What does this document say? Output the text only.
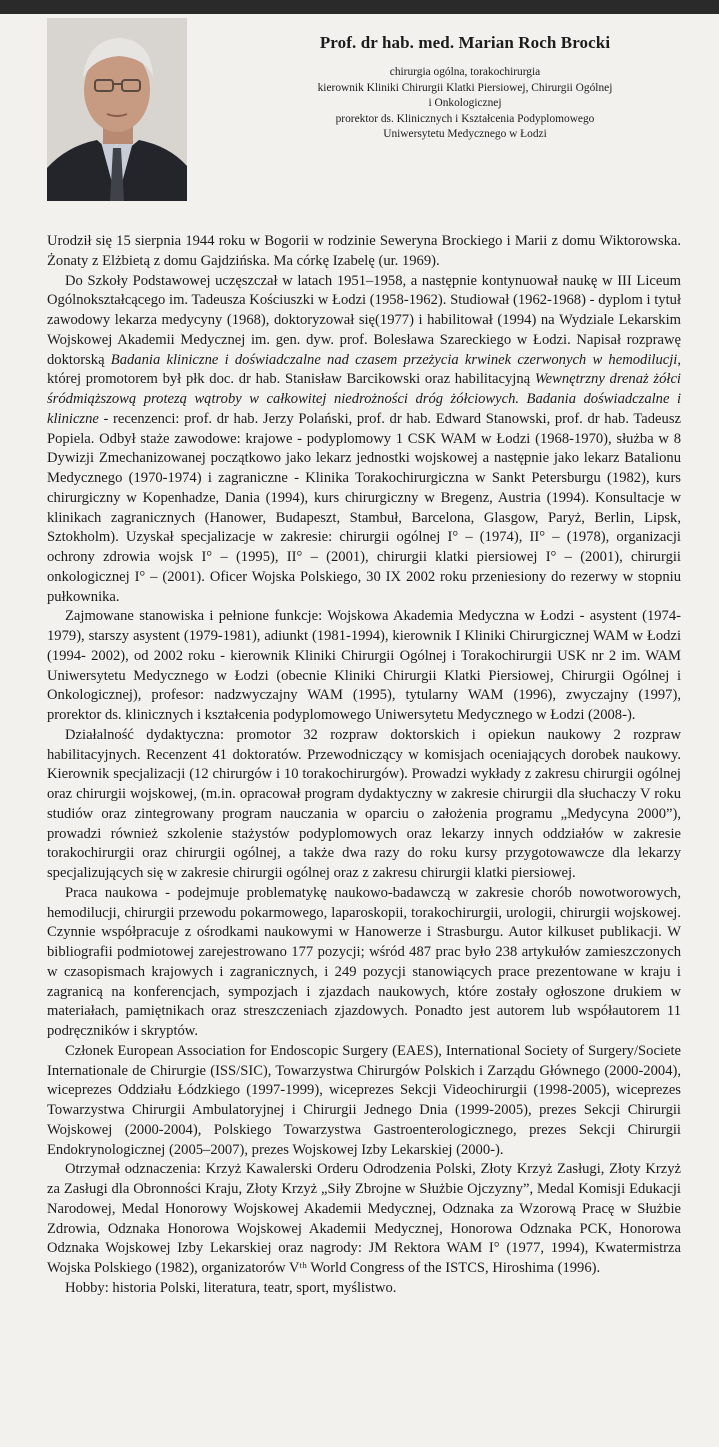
Prof. dr hab. med. Marian Roch Brocki

chirurgia ogólna, torakochirurgia

kierownik Kliniki Chirurgii Klatki Piersiowej, Chirurgii Ogólnej

i Onkologicznej

prorektor ds. Klinicznych i Kształcenia Podyplomowego

Uniwersytetu Medycznego w Łodzi

Urodził się 15 sierpnia 1944 roku w Bogorii w rodzinie Seweryna Brockiego i Marii z domu Wiktorowska. Żonaty z Elżbietą z domu Gajdzińska. Ma córkę Izabelę (ur. 1969).

Do Szkoły Podstawowej uczęszczał w latach 1951–1958, a następnie kontynuował naukę w III Liceum Ogólnokształcącego im. Tadeusza Kościuszki w Łodzi (1958-1962). Studiował (1962-1968) - dyplom i tytuł zawodowy lekarza medycyny (1968), doktoryzował się(1977) i habilitował (1994) na Wydziale Lekarskim Wojskowej Akademii Medycznej im. gen. dyw. prof. Bolesława Szareckiego w Łodzi. Napisał rozprawę doktorską Badania kliniczne i doświadczalne nad czasem przeżycia krwinek czerwonych w hemodilucji, której promotorem był płk doc. dr hab. Stanisław Barcikowski oraz habilitacyjną Wewnętrzny drenaż żółci śródmiąższową protezą wątroby w całkowitej niedrożności dróg żółciowych. Badania doświadczalne i kliniczne - recenzenci: prof. dr hab. Jerzy Polański, prof. dr hab. Edward Stanowski, prof. dr hab. Tadeusz Popiela. Odbył staże zawodowe: krajowe - podyplomowy 1 CSK WAM w Łodzi (1968-1970), służba w 8 Dywizji Zmechanizowanej początkowo jako lekarz jednostki wojskowej a następnie jako lekarz Batalionu Medycznego (1970-1974) i zagraniczne - Klinika Torakochirurgiczna w Sankt Petersburgu (1982), kurs chirurgiczny w Kopenhadze, Dania (1994), kurs chirurgiczny w Bregenz, Austria (1994). Konsultacje w klinikach zagranicznych (Hanower, Budapeszt, Stambuł, Barcelona, Glasgow, Paryż, Berlin, Lipsk, Sztokholm). Uzyskał specjalizacje w zakresie: chirurgii ogólnej I° – (1974), II° – (1978), organizacji ochrony zdrowia wojsk I° – (1995), II° – (2001), chirurgii klatki piersiowej I° – (2001), chirurgii onkologicznej I° – (2001). Oficer Wojska Polskiego, 30 IX 2002 roku przeniesiony do rezerwy w stopniu pułkownika.

Zajmowane stanowiska i pełnione funkcje: Wojskowa Akademia Medyczna w Łodzi - asystent (1974-1979), starszy asystent (1979-1981), adiunkt (1981-1994), kierownik I Kliniki Chirurgicznej WAM w Łodzi (1994- 2002), od 2002 roku - kierownik Kliniki Chirurgii Ogólnej i Torakochirurgii USK nr 2 im. WAM Uniwersytetu Medycznego w Łodzi (obecnie Kliniki Chirurgii Klatki Piersiowej, Chirurgii Ogólnej i Onkologicznej), profesor: nadzwyczajny WAM (1995), tytularny WAM (1996), zwyczajny (1997), prorektor ds. klinicznych i kształcenia podyplomowego Uniwersytetu Medycznego w Łodzi (2008-).

Działalność dydaktyczna: promotor 32 rozpraw doktorskich i opiekun naukowy 2 rozpraw habilitacyjnych. Recenzent 41 doktoratów. Przewodniczący w komisjach oceniających dorobek naukowy. Kierownik specjalizacji (12 chirurgów i 10 torakochirurgów). Prowadzi wykłady z zakresu chirurgii ogólnej oraz chirurgii wojskowej, (m.in. opracował program dydaktyczny w zakresie chirurgii dla słuchaczy V roku studiów oraz zintegrowany program nauczania w oparciu o założenia programu „Medycyna 2000”), prowadzi również szkolenie stażystów podyplomowych oraz lekarzy innych oddziałów w zakresie torakochirurgii oraz chirurgii ogólnej, a także dwa razy do roku kursy przygotowawcze dla lekarzy specjalizujących się w zakresie chirurgii ogólnej oraz z zakresu chirurgii klatki piersiowej.

Praca naukowa - podejmuje problematykę naukowo-badawczą w zakresie chorób nowotworowych, hemodilucji, chirurgii przewodu pokarmowego, laparoskopii, torakochirurgii, urologii, chirurgii wojskowej. Czynnie współpracuje z ośrodkami naukowymi w Hanowerze i Strasburgu. Autor kilkuset publikacji. W bibliografii podmiotowej zarejestrowano 177 pozycji; wśród 487 prac było 238 artykułów zamieszczonych w czasopismach krajowych i zagranicznych, i 249 pozycji stanowiących prace prezentowane w kraju i zagranicą na konferencjach, sympozjach i zjazdach naukowych, które zostały ogłoszone drukiem w materiałach, pamiętnikach oraz streszczeniach zjazdowych. Ponadto jest autorem lub współautorem 11 podręczników i skryptów.

Członek European Association for Endoscopic Surgery (EAES), International Society of Surgery/Societe Internationale de Chirurgie (ISS/SIC), Towarzystwa Chirurgów Polskich i Zarządu Głównego (2000-2004), wiceprezes Oddziału Łódzkiego (1997-1999), wiceprezes Sekcji Videochirurgii (1998-2005), wiceprezes Towarzystwa Chirurgii Ambulatoryjnej i Chirurgii Jednego Dnia (1999-2005), prezes Sekcji Chirurgii Wojskowej (2000-2004), Polskiego Towarzystwa Gastroenterologicznego, prezes Sekcji Chirurgii Endokrynologicznej (2005–2007), prezes Wojskowej Izby Lekarskiej (2000-).

Otrzymał odznaczenia: Krzyż Kawalerski Orderu Odrodzenia Polski, Złoty Krzyż Zasługi, Złoty Krzyż za Zasługi dla Obronności Kraju, Złoty Krzyż „Siły Zbrojne w Służbie Ojczyzny”, Medal Komisji Edukacji Narodowej, Medal Honorowy Wojskowej Akademii Medycznej, Odznaka za Wzorową Pracę w Służbie Zdrowia, Odznaka Honorowa Wojskowej Akademii Medycznej, Honorowa Odznaka PCK, Honorowa Odznaka Wojskowej Izby Lekarskiej oraz nagrody: JM Rektora WAM I° (1977, 1994), Kwatermistrza Wojska Polskiego (1982), organizatorów Vᵗʰ World Congress of the ISTCS, Hiroshima (1996).

Hobby: historia Polski, literatura, teatr, sport, myślistwo.
